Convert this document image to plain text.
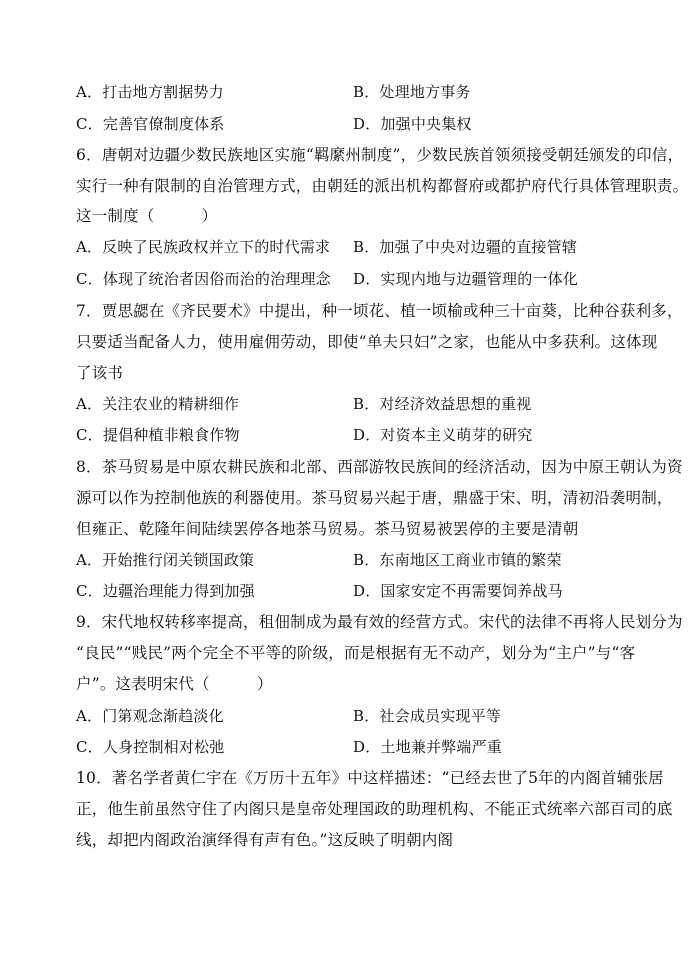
A．打击地方割据势力	B．处理地方事务
C．完善官僚制度体系	D．加强中央集权
6．唐朝对边疆少数民族地区实施“羁縻州制度”，少数民族首领须接受朝廷颁发的印信，
实行一种有限制的自治管理方式，由朝廷的派出机构都督府或都护府代行具体管理职责。
这一制度（　　　）
A．反映了民族政权并立下的时代需求 B．加强了中央对边疆的直接管辖
C．体现了统治者因俗而治的治理理念 D．实现内地与边疆管理的一体化
7．贾思勰在《齐民要术》中提出，种一顷花、植一顷榆或种三十亩葵，比种谷获利多，
只要适当配备人力，使用雇佣劳动，即使“单夫只妇”之家，也能从中多获利。这体现
了该书
A．关注农业的精耕细作	B．对经济效益思想的重视
C．提倡种植非粮食作物	D．对资本主义萌芽的研究
8．茶马贸易是中原农耕民族和北部、西部游牧民族间的经济活动，因为中原王朝认为资
源可以作为控制他族的利器使用。茶马贸易兴起于唐，鼎盛于宋、明，清初沿袭明制，
但雍正、乾隆年间陆续罢停各地茶马贸易。茶马贸易被罢停的主要是清朝
A．开始推行闭关锁国政策	B．东南地区工商业市镇的繁荣
C．边疆治理能力得到加强	D．国家安定不再需要饲养战马
9．宋代地权转移率提高，租佃制成为最有效的经营方式。宋代的法律不再将人民划分为
“良民”“贱民”两个完全不平等的阶级，而是根据有无不动产，划分为“主户”与“客
户”。这表明宋代（　　　）
A．门第观念渐趋淡化	B．社会成员实现平等
C．人身控制相对松弛	D．土地兼并弊端严重
10．著名学者黄仁宇在《万历十五年》中这样描述：“已经去世了5年的内阁首辅张居
正，他生前虽然守住了内阁只是皇帝处理国政的助理机构、不能正式统率六部百司的底
线，却把内阁政治演绎得有声有色。”这反映了明朝内阁
